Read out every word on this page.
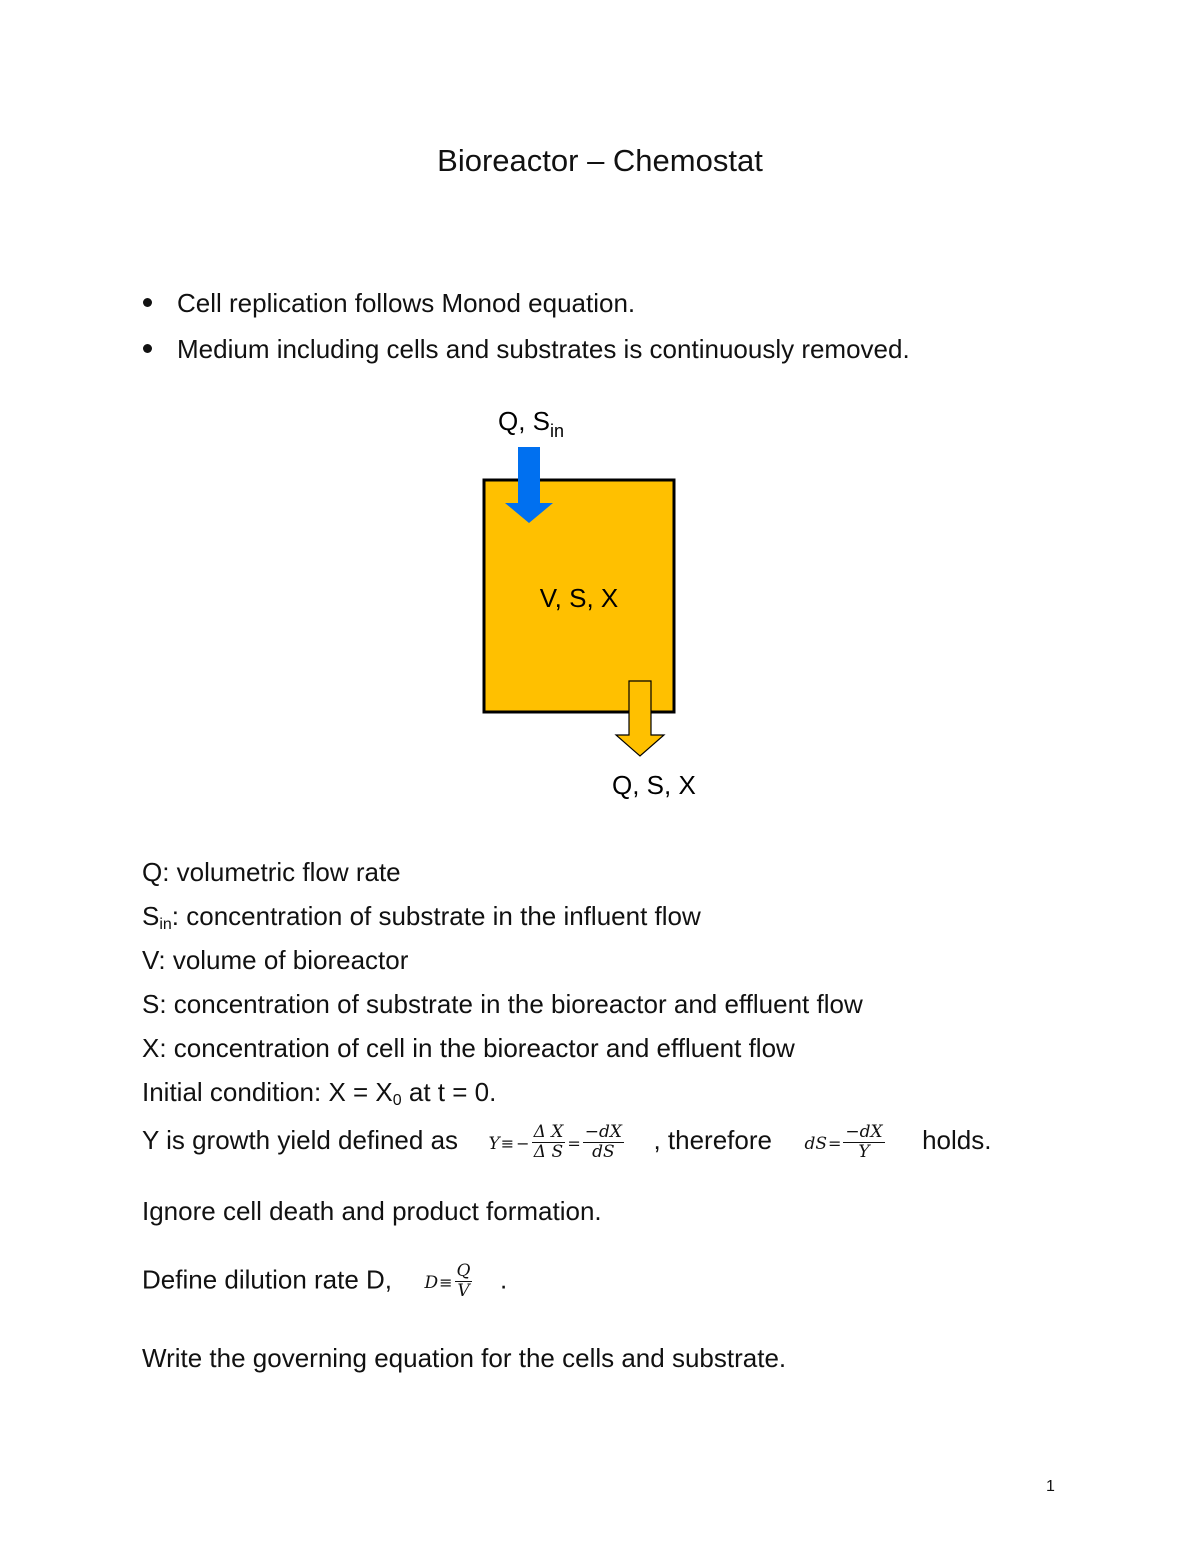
Bioreactor – Chemostat
Cell replication follows Monod equation.
Medium including cells and substrates is continuously removed.
Q, $S_{in}$
V, S, X
Q, S, X
Q: volumetric flow rate
$S_{in}$: concentration of substrate in the influent flow
V: volume of bioreactor
S: concentration of substrate in the bioreactor and effluent flow
X: concentration of cell in the bioreactor and effluent flow
Initial condition: $X = X_0$ at t = 0.
Y is growth yield defined as $Y\equiv - \frac{\text{Δ X}}{\text{Δ S}} = \frac{-dX}{dS}$ , therefore $dS= \frac{-dX}{Y}$ holds.
Ignore cell death and product formation.
Define dilution rate D, $D\equiv \frac{Q}{V}$ .
Write the governing equation for the cells and substrate.
1
